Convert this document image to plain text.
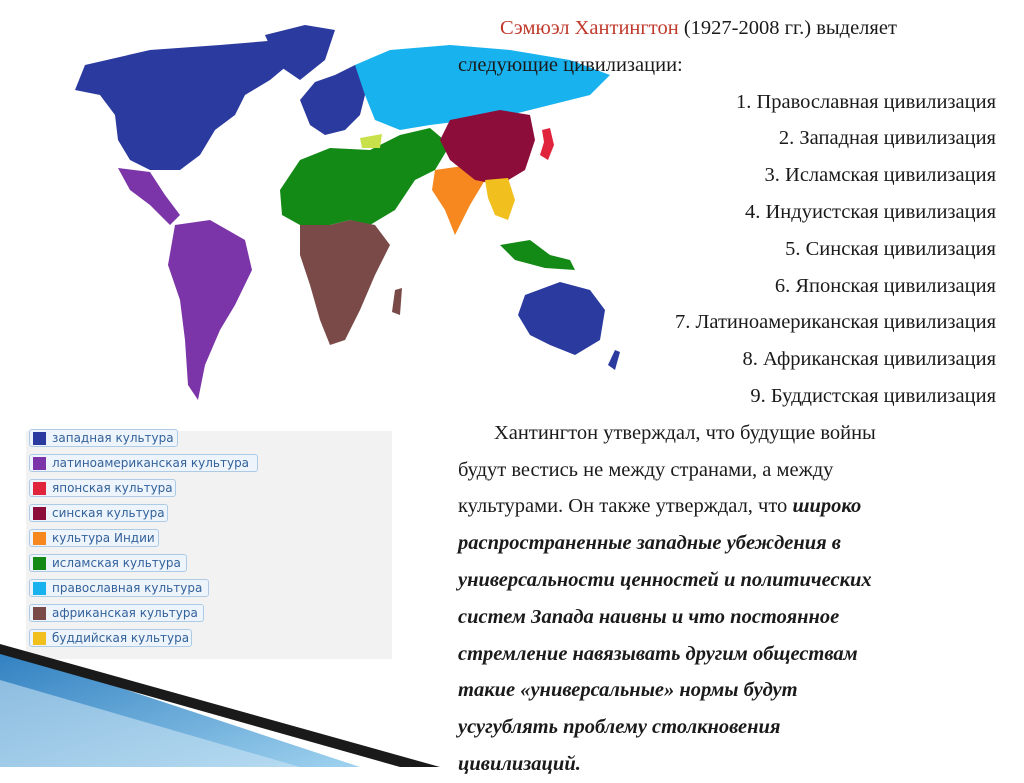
западная культура
латиноамериканская культура
японская культура
синская культура
культура Индии
исламская культура
православная культура
африканская культура
буддийская культура
Сэмюэл Хантингтон (1927-2008 гг.) выделяет
следующие цивилизации:
1. Православная цивилизация
2. Западная цивилизация
3. Исламская цивилизация
4. Индуистская цивилизация
5. Синская цивилизация
6. Японская цивилизация
7. Латиноамериканская цивилизация
8. Африканская цивилизация
9. Буддистская цивилизация
Хантингтон утверждал, что будущие войны
будут вестись не между странами, а между
культурами. Он также утверждал, что широко
распространенные западные убеждения в
универсальности ценностей и политических
систем Запада наивны и что постоянное
стремление навязывать другим обществам
такие «универсальные» нормы будут
усугублять проблему столкновения
цивилизаций.
